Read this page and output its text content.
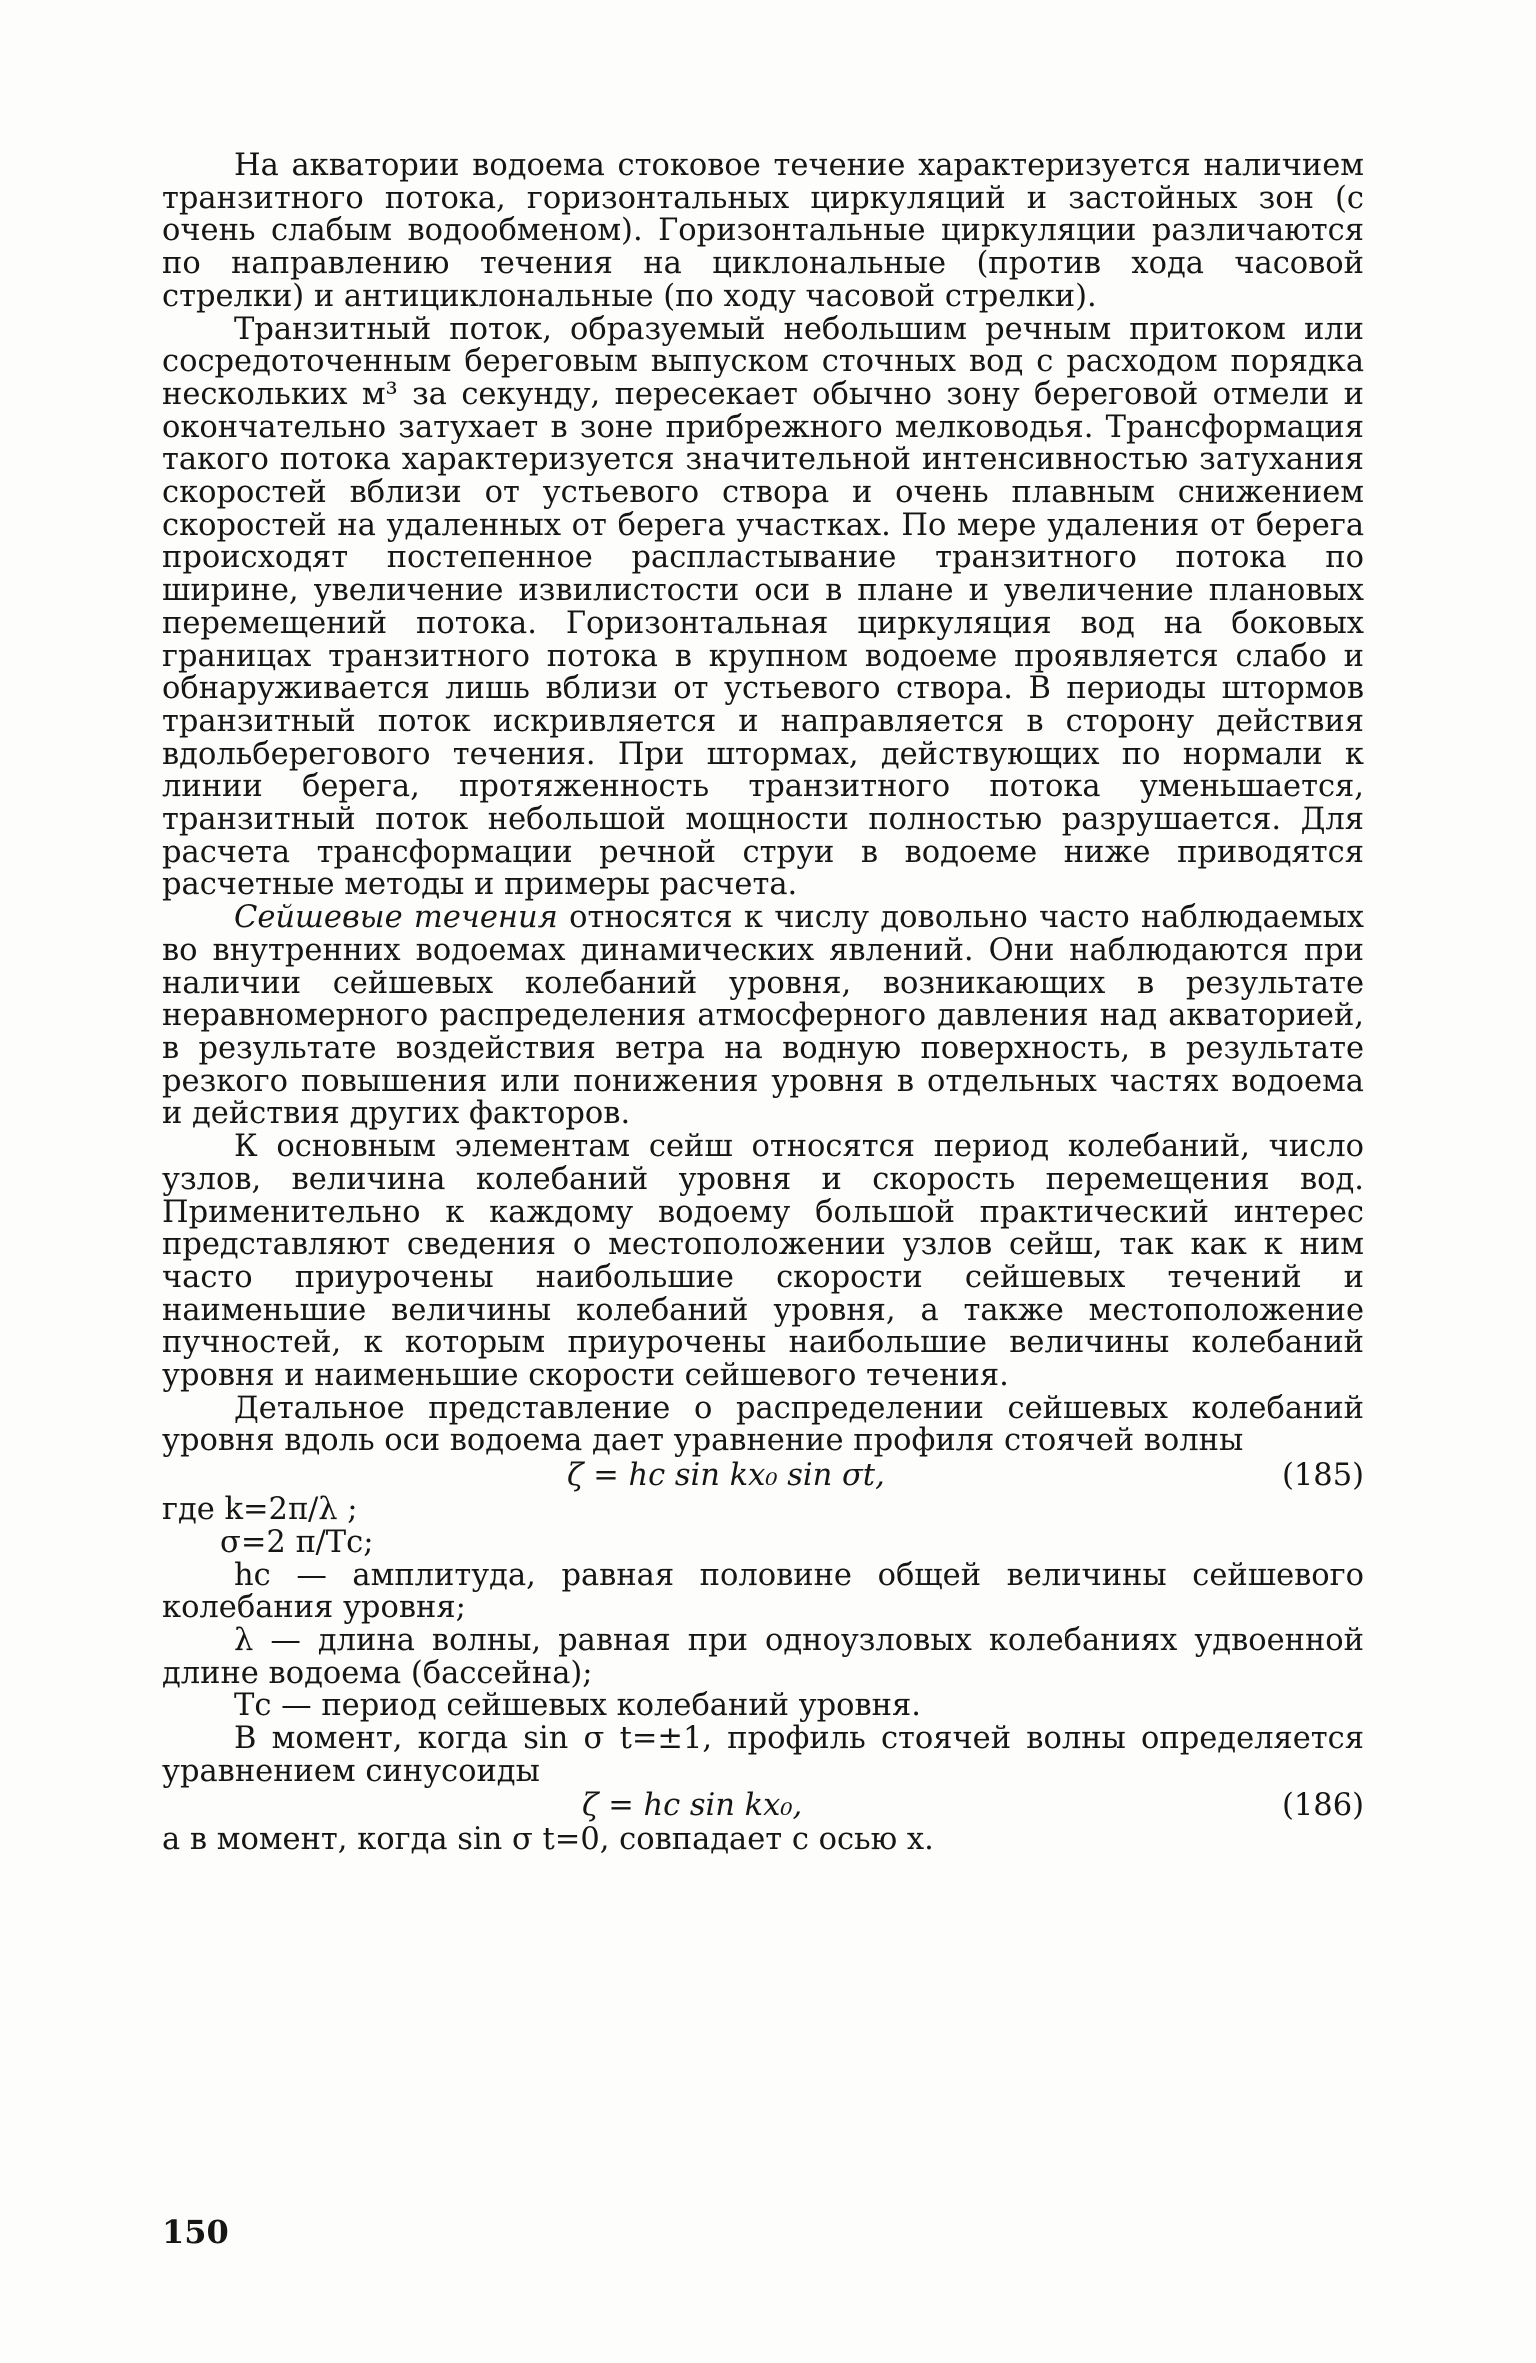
На акватории водоема стоковое течение характеризуется наличием транзитного потока, горизонтальных циркуляций и застойных зон (с очень слабым водообменом). Горизонтальные циркуляции различаются по направлению течения на циклональные (против хода часовой стрелки) и антициклональные (по ходу часовой стрелки).

Транзитный поток, образуемый небольшим речным притоком или сосредоточенным береговым выпуском сточных вод с расходом порядка нескольких м³ за секунду, пересекает обычно зону береговой отмели и окончательно затухает в зоне прибрежного мелководья. Трансформация такого потока характеризуется значительной интенсивностью затухания скоростей вблизи от устьевого створа и очень плавным снижением скоростей на удаленных от берега участках. По мере удаления от берега происходят постепенное распластывание транзитного потока по ширине, увеличение извилистости оси в плане и увеличение плановых перемещений потока. Горизонтальная циркуляция вод на боковых границах транзитного потока в крупном водоеме проявляется слабо и обнаруживается лишь вблизи от устьевого створа. В периоды штормов транзитный поток искривляется и направляется в сторону действия вдольберегового течения. При штормах, действующих по нормали к линии берега, протяженность транзитного потока уменьшается, транзитный поток небольшой мощности полностью разрушается. Для расчета трансформации речной струи в водоеме ниже приводятся расчетные методы и примеры расчета.

Сейшевые течения относятся к числу довольно часто наблюдаемых во внутренних водоемах динамических явлений. Они наблюдаются при наличии сейшевых колебаний уровня, возникающих в результате неравномерного распределения атмосферного давления над акваторией, в результате воздействия ветра на водную поверхность, в результате резкого повышения или понижения уровня в отдельных частях водоема и действия других факторов.

К основным элементам сейш относятся период колебаний, число узлов, величина колебаний уровня и скорость перемещения вод. Применительно к каждому водоему большой практический интерес представляют сведения о местоположении узлов сейш, так как к ним часто приурочены наибольшие скорости сейшевых течений и наименьшие величины колебаний уровня, а также местоположение пучностей, к которым приурочены наибольшие величины колебаний уровня и наименьшие скорости сейшевого течения.

Детальное представление о распределении сейшевых колебаний уровня вдоль оси водоема дает уравнение профиля стоячей волны

ζ = hс sin kx₀ sin σt,	(185)
где k=2π/λ ;
σ=2 π/Tс;
hс — амплитуда, равная половине общей величины сейшевого колебания уровня;
λ — длина волны, равная при одноузловых колебаниях удвоенной длине водоема (бассейна);
Tс — период сейшевых колебаний уровня.

В момент, когда sin σ t=±1, профиль стоячей волны определяется уравнением синусоиды

ζ = hс sin kx₀,	(186)

а в момент, когда sin σ t=0, совпадает с осью x.

150
